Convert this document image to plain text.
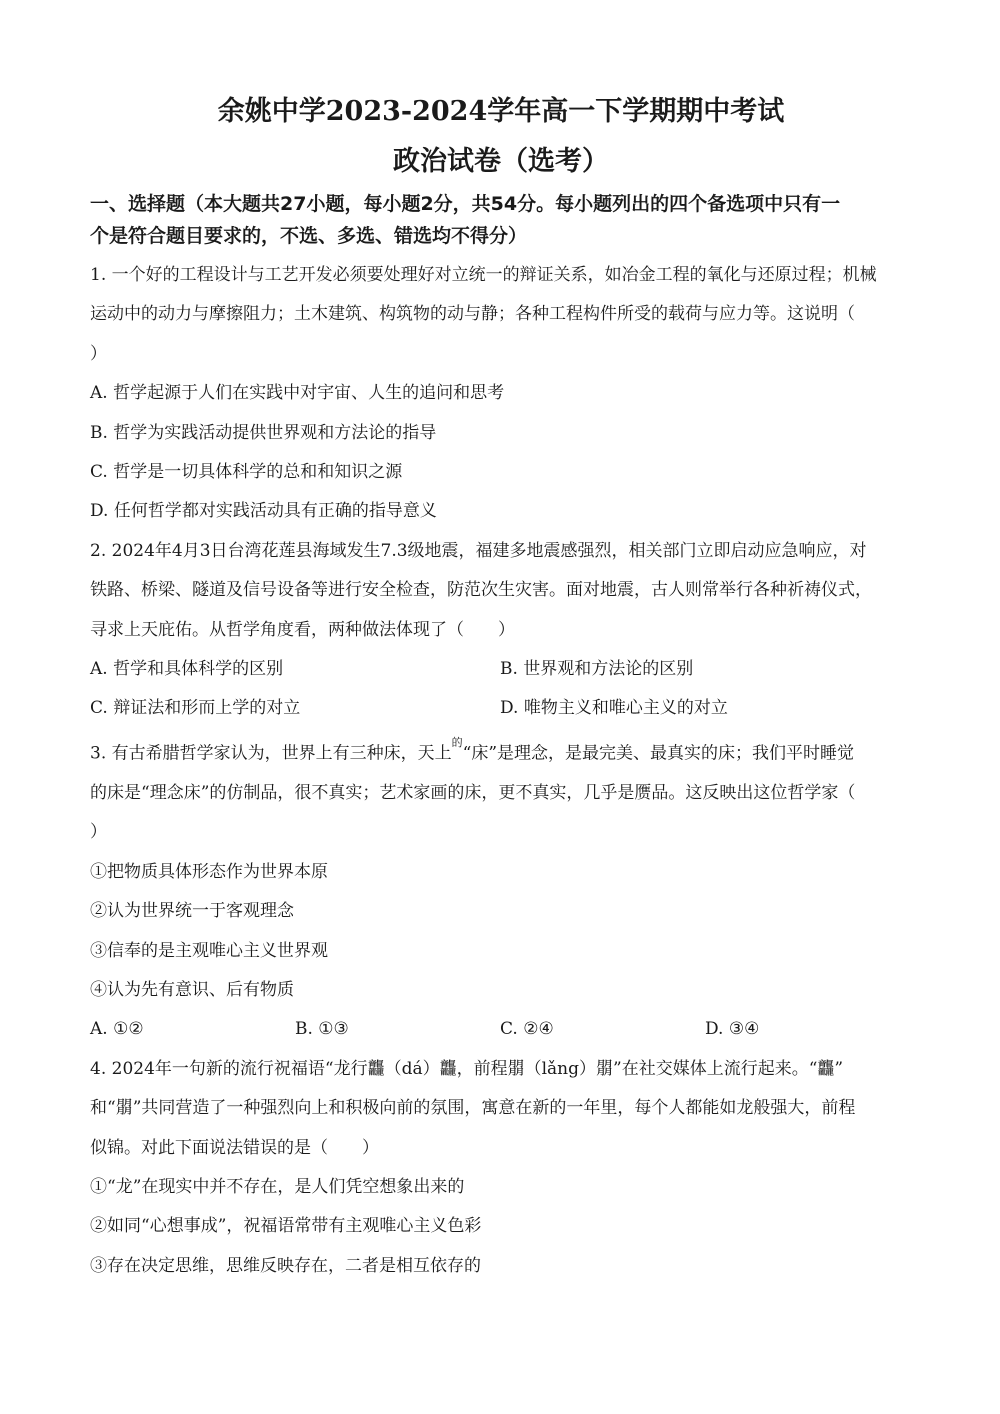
余姚中学2023-2024学年高一下学期期中考试
政治试卷（选考）
一、选择题（本大题共27小题，每小题2分，共54分。每小题列出的四个备选项中只有一
个是符合题目要求的，不选、多选、错选均不得分）
1. 一个好的工程设计与工艺开发必须要处理好对立统一的辩证关系，如冶金工程的氧化与还原过程；机械
运动中的动力与摩擦阻力；土木建筑、构筑物的动与静；各种工程构件所受的载荷与应力等。这说明（
）
A. 哲学起源于人们在实践中对宇宙、人生的追问和思考
B. 哲学为实践活动提供世界观和方法论的指导
C. 哲学是一切具体科学的总和和知识之源
D. 任何哲学都对实践活动具有正确的指导意义
2. 2024年4月3日台湾花莲县海域发生7.3级地震，福建多地震感强烈，相关部门立即启动应急响应，对
铁路、桥梁、隧道及信号设备等进行安全检查，防范次生灾害。面对地震，古人则常举行各种祈祷仪式，
寻求上天庇佑。从哲学角度看，两种做法体现了（　　）
A. 哲学和具体科学的区别	B. 世界观和方法论的区别
C. 辩证法和形而上学的对立	D. 唯物主义和唯心主义的对立
3. 有古希腊哲学家认为，世界上有三种床，天上$^的$“床”是理念，是最完美、最真实的床；我们平时睡觉
的床是“理念床”的仿制品，很不真实；艺术家画的床，更不真实，几乎是赝品。这反映出这位哲学家（
）
①把物质具体形态作为世界本原
②认为世界统一于客观理念
③信奉的是主观唯心主义世界观
④认为先有意识、后有物质
A. ①②	B. ①③	C. ②④	D. ③④
4. 2024年一句新的流行祝福语“龙行龘（dá）龘，前程朤（lǎng）朤”在社交媒体上流行起来。“龘”
和“朤”共同营造了一种强烈向上和积极向前的氛围，寓意在新的一年里，每个人都能如龙般强大，前程
似锦。对此下面说法错误的是（　　）
①“龙”在现实中并不存在，是人们凭空想象出来的
②如同“心想事成”，祝福语常带有主观唯心主义色彩
③存在决定思维，思维反映存在，二者是相互依存的
